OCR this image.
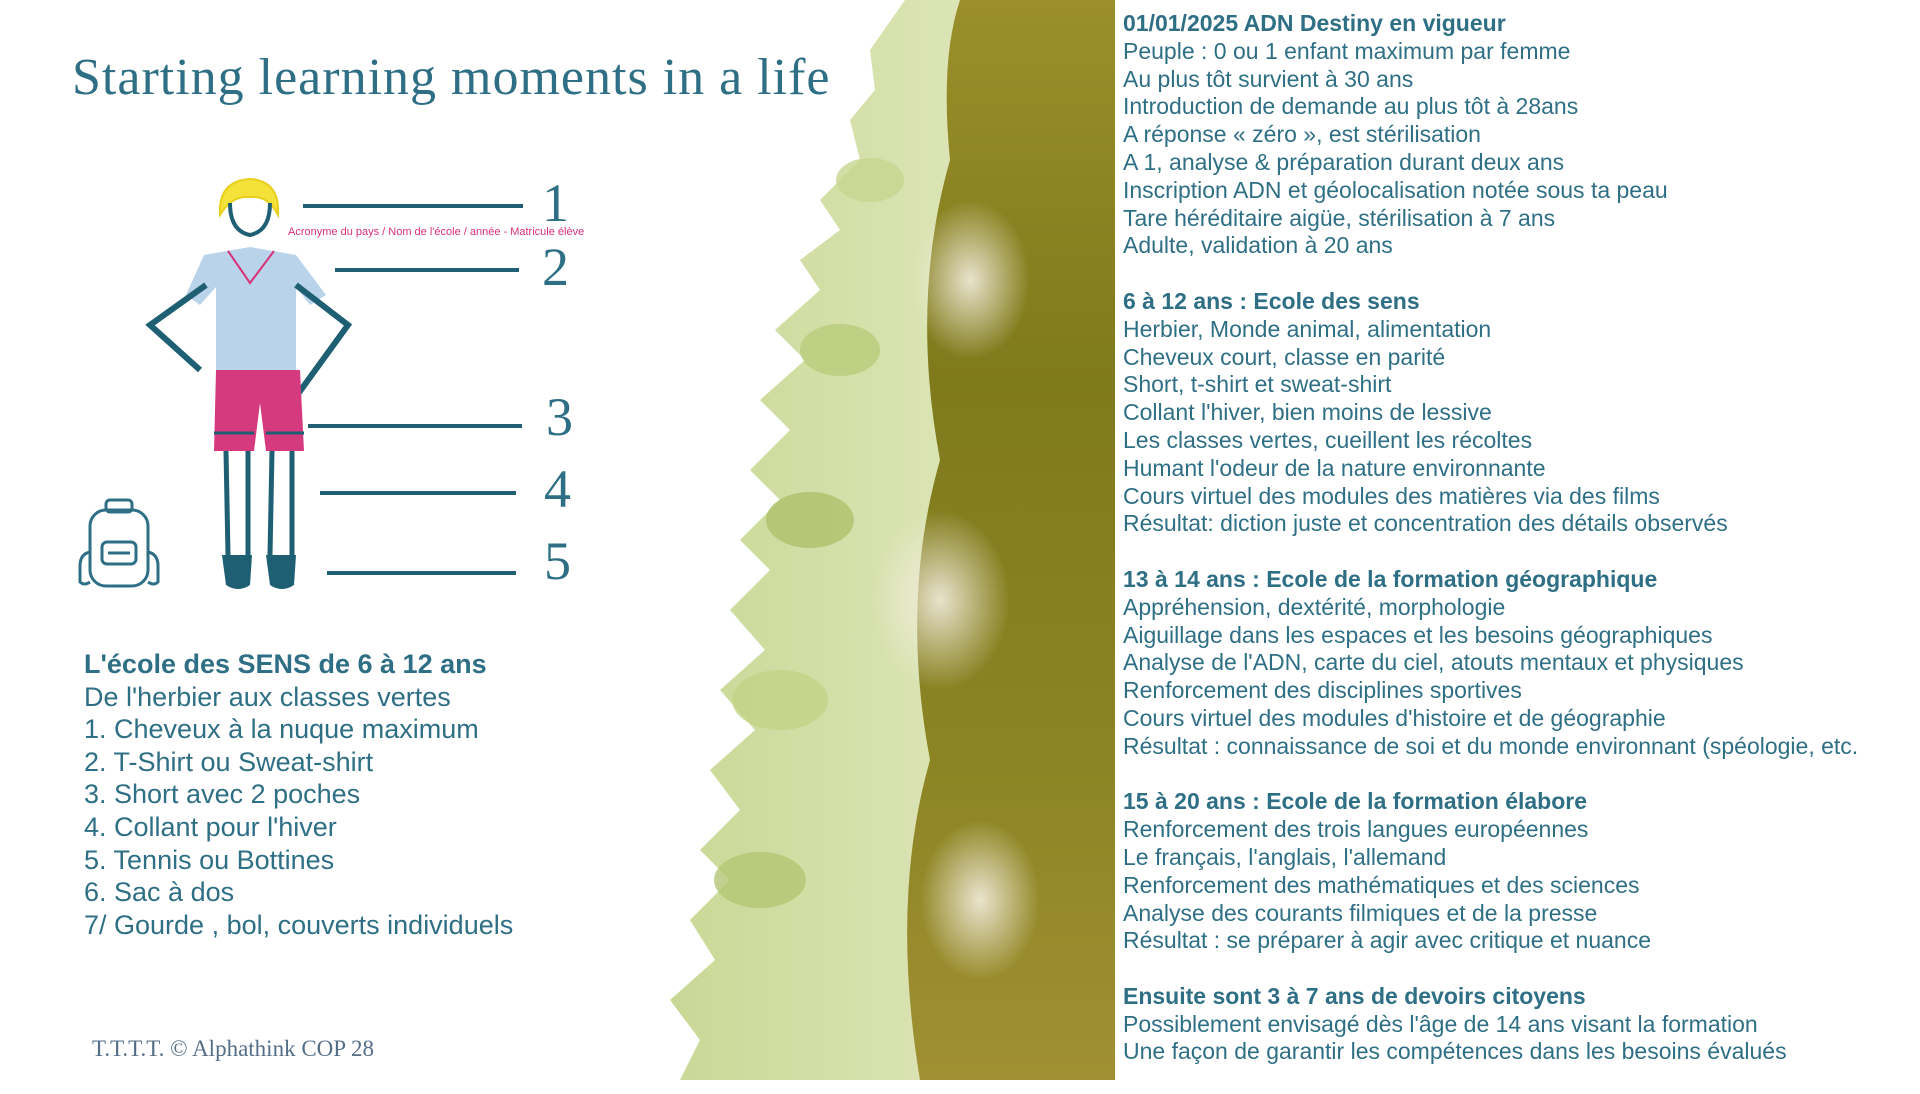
Starting learning moments in a life
1
Acronyme du pays / Nom de l'école / année - Matricule élève
2
3
4
5
L'école des SENS de 6 à 12 ans
De l'herbier aux classes vertes
1. Cheveux à la nuque maximum
2. T-Shirt ou Sweat-shirt
3. Short avec 2 poches
4. Collant pour l'hiver
5. Tennis ou Bottines
6. Sac à dos
7/ Gourde , bol, couverts individuels
T.T.T.T. © Alphathink COP 28
01/01/2025 ADN Destiny en vigueur
Peuple : 0 ou 1 enfant maximum par femme
Au plus tôt survient à 30 ans
Introduction de demande au plus tôt à 28ans
A réponse « zéro », est stérilisation
A 1, analyse & préparation durant deux ans
Inscription ADN et géolocalisation notée sous ta peau
Tare héréditaire aigüe, stérilisation à 7 ans
Adulte, validation à 20 ans
6 à 12 ans : Ecole des sens
Herbier, Monde animal, alimentation
Cheveux court, classe en parité
Short, t-shirt et sweat-shirt
Collant l'hiver, bien moins de lessive
Les classes vertes, cueillent les récoltes
Humant l'odeur de la nature environnante
Cours virtuel des modules des matières via des films
Résultat: diction juste et concentration des détails observés
13 à 14 ans : Ecole de la formation géographique
Appréhension, dextérité, morphologie
Aiguillage dans les espaces et les besoins géographiques
Analyse de l'ADN, carte du ciel, atouts mentaux et physiques
Renforcement des disciplines sportives
Cours virtuel des modules d'histoire et de géographie
Résultat : connaissance de soi et du monde environnant (spéologie, etc.
15 à 20 ans : Ecole de la formation élabore
Renforcement des trois langues européennes
Le français, l'anglais, l'allemand
Renforcement des mathématiques et des sciences
Analyse des courants filmiques et de la presse
Résultat : se préparer à agir avec critique et nuance
Ensuite sont 3 à 7 ans de devoirs citoyens
Possiblement envisagé dès l'âge de 14 ans visant la formation
Une façon de garantir les compétences dans les besoins évalués
